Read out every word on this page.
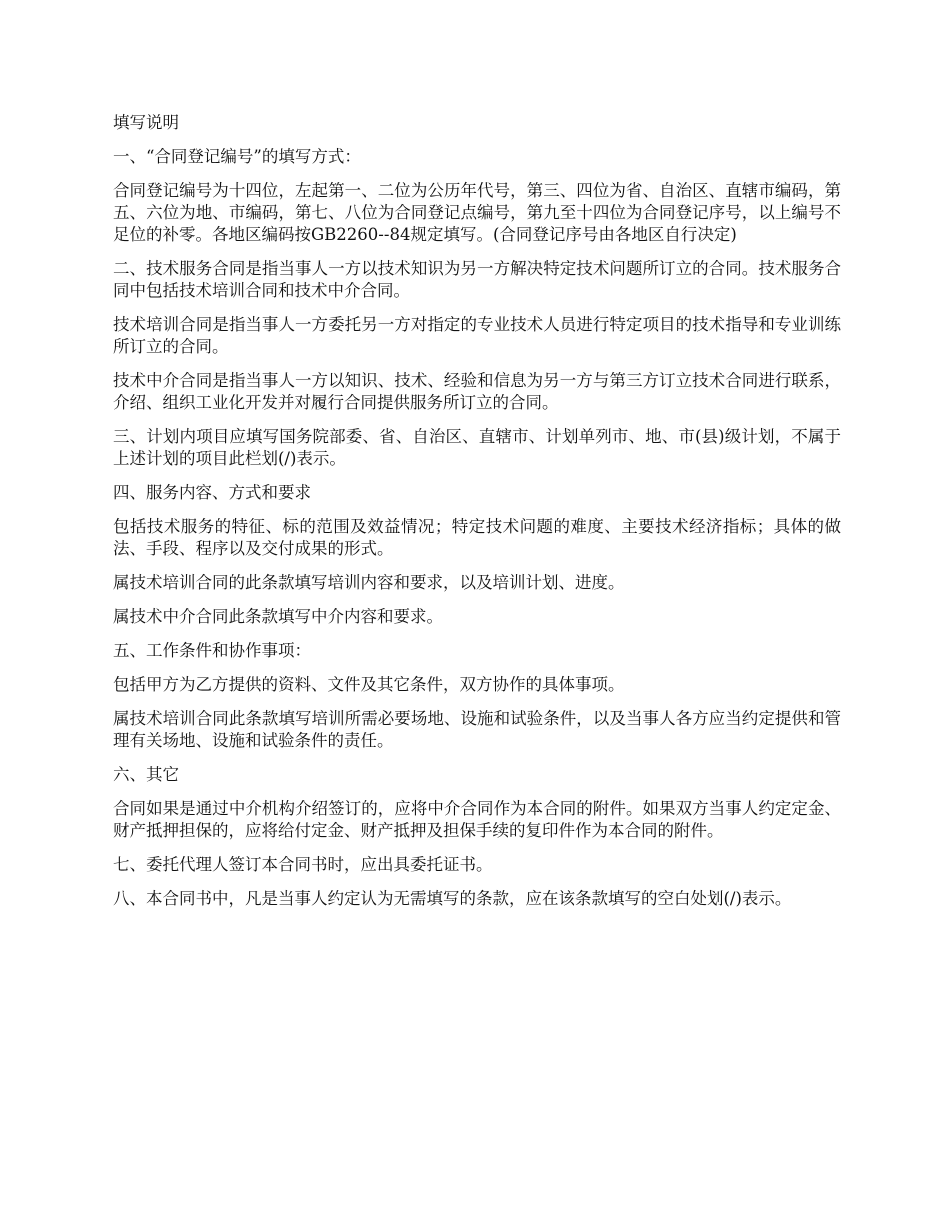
填写说明

一、“合同登记编号”的填写方式：

合同登记编号为十四位，左起第一、二位为公历年代号，第三、四位为省、自治区、直辖市编码，第五、六位为地、市编码，第七、八位为合同登记点编号，第九至十四位为合同登记序号，以上编号不足位的补零。各地区编码按GB2260--84规定填写。(合同登记序号由各地区自行决定)

二、技术服务合同是指当事人一方以技术知识为另一方解决特定技术问题所订立的合同。技术服务合同中包括技术培训合同和技术中介合同。

技术培训合同是指当事人一方委托另一方对指定的专业技术人员进行特定项目的技术指导和专业训练所订立的合同。

技术中介合同是指当事人一方以知识、技术、经验和信息为另一方与第三方订立技术合同进行联系，介绍、组织工业化开发并对履行合同提供服务所订立的合同。

三、计划内项目应填写国务院部委、省、自治区、直辖市、计划单列市、地、市(县)级计划，不属于上述计划的项目此栏划(/)表示。

四、服务内容、方式和要求

包括技术服务的特征、标的范围及效益情况；特定技术问题的难度、主要技术经济指标；具体的做法、手段、程序以及交付成果的形式。

属技术培训合同的此条款填写培训内容和要求，以及培训计划、进度。

属技术中介合同此条款填写中介内容和要求。

五、工作条件和协作事项：

包括甲方为乙方提供的资料、文件及其它条件，双方协作的具体事项。

属技术培训合同此条款填写培训所需必要场地、设施和试验条件，以及当事人各方应当约定提供和管理有关场地、设施和试验条件的责任。

六、其它

合同如果是通过中介机构介绍签订的，应将中介合同作为本合同的附件。如果双方当事人约定定金、财产抵押担保的，应将给付定金、财产抵押及担保手续的复印件作为本合同的附件。

七、委托代理人签订本合同书时，应出具委托证书。

八、本合同书中，凡是当事人约定认为无需填写的条款，应在该条款填写的空白处划(/)表示。
